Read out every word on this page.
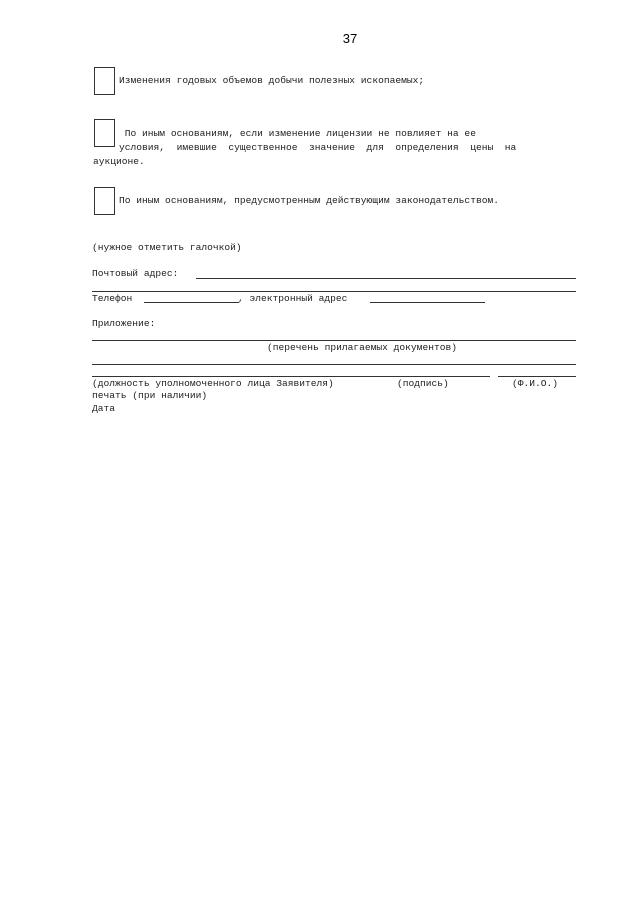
37
Изменения годовых объемов добычи полезных ископаемых;
По иным основаниям, если изменение лицензии не повлияет на ее
условия,  имевшие  существенное  значение  для  определения  цены  на
аукционе.
По иным основаниям, предусмотренным действующим законодательством.
(нужное отметить галочкой)
Почтовый адрес:
Телефон	, электронный адрес
Приложение:
(перечень прилагаемых документов)
(должность уполномоченного лица Заявителя)	(подпись)	(Ф.И.О.)
печать (при наличии)
Дата
